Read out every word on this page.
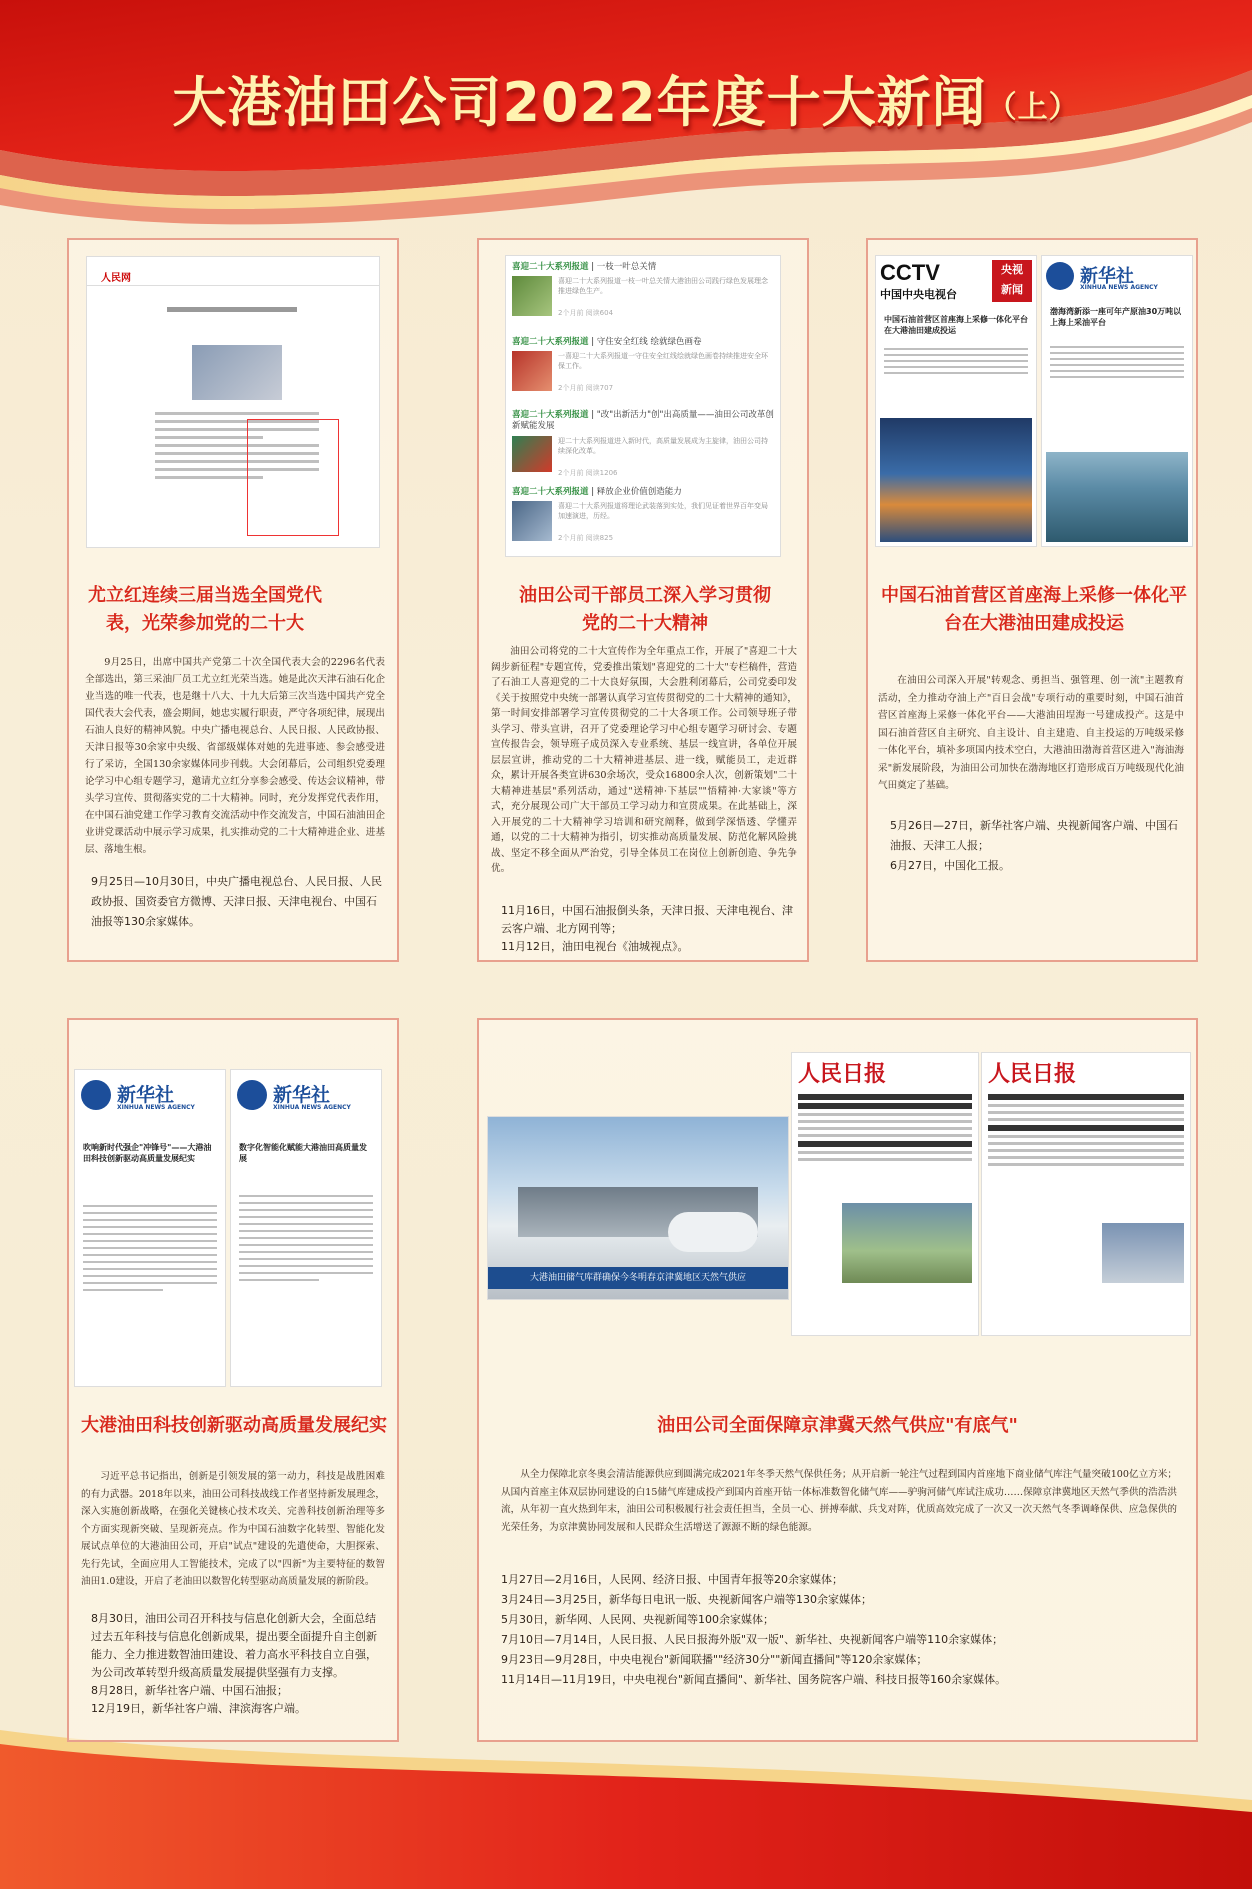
大港油田公司2022年度十大新闻（上）
人民网
尤立红连续三届当选全国党代表，光荣参加党的二十大

9月25日，出席中国共产党第二十次全国代表大会的2296名代表全部选出，第三采油厂员工尤立红光荣当选。她是此次天津石油石化企业当选的唯一代表，也是继十八大、十九大后第三次当选中国共产党全国代表大会代表，盛会期间，她忠实履行职责，严守各项纪律，展现出石油人良好的精神风貌。中央广播电视总台、人民日报、人民政协报、天津日报等30余家中央级、省部级媒体对她的先进事迹、参会感受进行了采访，全国130余家媒体同步刊载。大会闭幕后，公司组织党委理论学习中心组专题学习，邀请尤立红分享参会感受、传达会议精神，带头学习宣传、贯彻落实党的二十大精神。同时，充分发挥党代表作用，在中国石油党建工作学习教育交流活动中作交流发言，中国石油油田企业讲党课活动中展示学习成果，扎实推动党的二十大精神进企业、进基层、落地生根。

9月25日—10月30日，中央广播电视总台、人民日报、人民政协报、国资委官方微博、天津日报、天津电视台、中国石油报等130余家媒体。
喜迎二十大系列报道 | 一枝一叶总关情
喜迎二十大系列报道一枝一叶总关情大港油田公司践行绿色发展理念推进绿色生产。
2个月前 阅读604
喜迎二十大系列报道 | 守住安全红线 绘就绿色画卷
一喜迎二十大系列报道一守住安全红线绘就绿色画卷持续推进安全环保工作。
2个月前 阅读707
喜迎二十大系列报道 | "改"出新活力"创"出高质量——油田公司改革创新赋能发展
迎二十大系列报道进入新时代，高质量发展成为主旋律，油田公司持续深化改革。
2个月前 阅读1206
喜迎二十大系列报道 | 释放企业价值创造能力
喜迎二十大系列报道将理论武装落到实处，我们见证着世界百年变局加速演进，历经。
2个月前 阅读825
油田公司干部员工深入学习贯彻党的二十大精神

油田公司将党的二十大宣传作为全年重点工作，开展了"喜迎二十大 阔步新征程"专题宣传，党委推出策划"喜迎党的二十大"专栏稿件，营造了石油工人喜迎党的二十大良好氛围，大会胜利闭幕后，公司党委印发《关于按照党中央统一部署认真学习宣传贯彻党的二十大精神的通知》，第一时间安排部署学习宣传贯彻党的二十大各项工作。公司领导班子带头学习、带头宣讲，召开了党委理论学习中心组专题学习研讨会、专题宣传报告会，领导班子成员深入专业系统、基层一线宣讲，各单位开展层层宣讲，推动党的二十大精神进基层、进一线，赋能员工，走近群众，累计开展各类宣讲630余场次，受众16800余人次，创新策划"二十大精神进基层"系列活动，通过"送精神·下基层""悟精神·大家谈"等方式，充分展现公司广大干部员工学习动力和宣贯成果。在此基础上，深入开展党的二十大精神学习培训和研究阐释，做到学深悟透、学懂弄通，以党的二十大精神为指引，切实推动高质量发展、防范化解风险挑战、坚定不移全面从严治党，引导全体员工在岗位上创新创造、争先争优。

11月16日，中国石油报倒头条，天津日报、天津电视台、津云客户端、北方网刊等；
11月12日，油田电视台《油城视点》。
CCTV
中国中央电视台
央视
新闻
中国石油首营区首座海上采修一体化平台在大港油田建成投运
新华社
XINHUA NEWS AGENCY
渤海湾新添一座可年产原油30万吨以上海上采油平台
中国石油首营区首座海上采修一体化平台在大港油田建成投运

在油田公司深入开展"转观念、勇担当、强管理、创一流"主题教育活动，全力推动夺油上产"百日会战"专项行动的重要时刻，中国石油首营区首座海上采修一体化平台——大港油田埕海一号建成投产。这是中国石油首营区自主研究、自主设计、自主建造、自主投运的万吨级采修一体化平台，填补多项国内技术空白，大港油田渤海首营区进入"海油海采"新发展阶段，为油田公司加快在渤海地区打造形成百万吨级现代化油气田奠定了基础。

5月26日—27日，新华社客户端、央视新闻客户端、中国石油报、天津工人报；
6月27日，中国化工报。
新华社
XINHUA NEWS AGENCY
吹响新时代强企"冲锋号"——大港油田科技创新驱动高质量发展纪实
新华社
XINHUA NEWS AGENCY
数字化智能化赋能大港油田高质量发展
大港油田科技创新驱动高质量发展纪实

习近平总书记指出，创新是引领发展的第一动力，科技是战胜困难的有力武器。2018年以来，油田公司科技战线工作者坚持新发展理念，深入实施创新战略，在强化关键核心技术攻关、完善科技创新治理等多个方面实现新突破、呈现新亮点。作为中国石油数字化转型、智能化发展试点单位的大港油田公司，开启"试点"建设的先遣使命，大胆探索、先行先试，全面应用人工智能技术，完成了以"四新"为主要特征的数智油田1.0建设，开启了老油田以数智化转型驱动高质量发展的新阶段。

8月30日，油田公司召开科技与信息化创新大会，全面总结过去五年科技与信息化创新成果，提出要全面提升自主创新能力、全力推进数智油田建设、着力高水平科技自立自强，为公司改革转型升级高质量发展提供坚强有力支撑。
8月28日，新华社客户端、中国石油报；
12月19日，新华社客户端、津滨海客户端。
大港油田储气库群确保今冬明春京津冀地区天然气供应
人民日报	人民日报
油田公司全面保障京津冀天然气供应"有底气"

从全力保障北京冬奥会清洁能源供应到圆满完成2021年冬季天然气保供任务；从开启新一轮注气过程到国内首座地下商业储气库注气量突破100亿立方米；从国内首座主体双层协同建设的白15储气库建成投产到国内首座开钻一体标准数智化储气库——驴驹河储气库试注成功……保障京津冀地区天然气季供的浩浩洪流，从年初一直火热到年末，油田公司积极履行社会责任担当，全员一心、拼搏奉献、兵戈对阵，优质高效完成了一次又一次天然气冬季调峰保供、应急保供的光荣任务，为京津冀协同发展和人民群众生活增送了源源不断的绿色能源。

1月27日—2月16日，人民网、经济日报、中国青年报等20余家媒体；
3月24日—3月25日，新华每日电讯一版、央视新闻客户端等130余家媒体；
5月30日，新华网、人民网、央视新闻等100余家媒体；
7月10日—7月14日，人民日报、人民日报海外版"双一版"、新华社、央视新闻客户端等110余家媒体；
9月23日—9月28日，中央电视台"新闻联播""经济30分""新闻直播间"等120余家媒体；
11月14日—11月19日，中央电视台"新闻直播间"、新华社、国务院客户端、科技日报等160余家媒体。
